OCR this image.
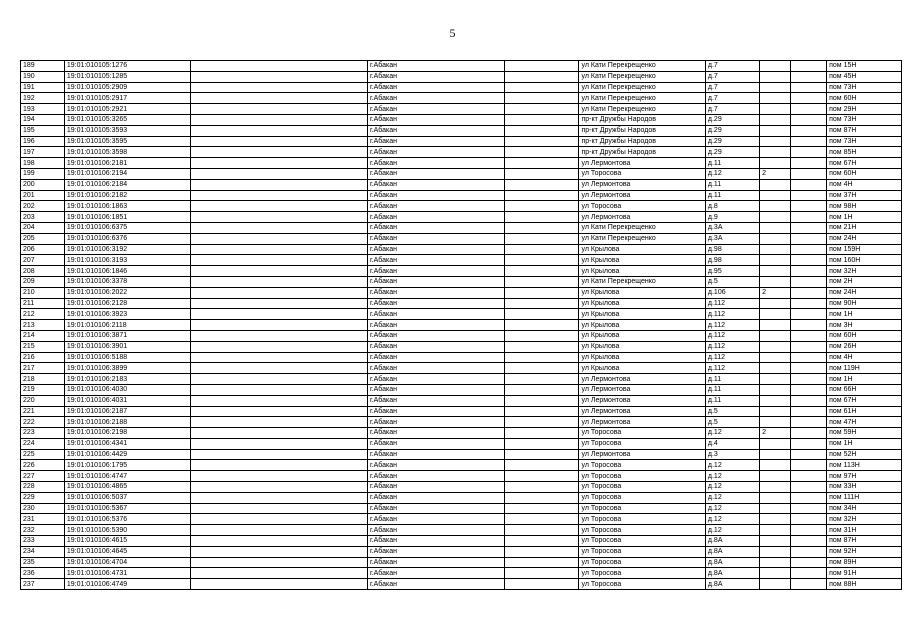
5
189	19:01:010105:1276		г.Абакан		ул Кати Перекрещенко	д.7			пом 15Н
190	19:01:010105:1285		г.Абакан		ул Кати Перекрещенко	д.7			пом 45Н
191	19:01:010105:2909		г.Абакан		ул Кати Перекрещенко	д.7			пом 73Н
192	19:01:010105:2917		г.Абакан		ул Кати Перекрещенко	д.7			пом 60Н
193	19:01:010105:2921		г.Абакан		ул Кати Перекрещенко	д.7			пом 29Н
194	19:01:010105:3265		г.Абакан		пр-кт Дружбы Народов	д.29			пом 73Н
195	19:01:010105:3593		г.Абакан		пр-кт Дружбы Народов	д.29			пом 87Н
196	19:01:010105:3595		г.Абакан		пр-кт Дружбы Народов	д.29			пом 73Н
197	19:01:010105:3598		г.Абакан		пр-кт Дружбы Народов	д.29			пом 85Н
198	19:01:010106:2181		г.Абакан		ул Лермонтова	д.11			пом 67Н
199	19:01:010106:2194		г.Абакан		ул Торосова	д.12	2		пом 60Н
200	19:01:010106:2184		г.Абакан		ул Лермонтова	д.11			пом 4Н
201	19:01:010106:2182		г.Абакан		ул Лермонтова	д.11			пом 37Н
202	19:01:010106:1863		г.Абакан		ул Торосова	д.8			пом 98Н
203	19:01:010106:1851		г.Абакан		ул Лермонтова	д.9			пом 1Н
204	19:01:010106:6375		г.Абакан		ул Кати Перекрещенко	д.3А			пом 21Н
205	19:01:010106:6376		г.Абакан		ул Кати Перекрещенко	д.3А			пом 24Н
206	19:01:010106:3192		г.Абакан		ул Крылова	д.98			пом 159Н
207	19:01:010106:3193		г.Абакан		ул Крылова	д.98			пом 160Н
208	19:01:010106:1846		г.Абакан		ул Крылова	д.95			пом 32Н
209	19:01:010106:3378		г.Абакан		ул Кати Перекрещенко	д.5			пом 2Н
210	19:01:010106:2022		г.Абакан		ул Крылова	д.106	2		пом 24Н
211	19:01:010106:2128		г.Абакан		ул Крылова	д.112			пом 90Н
212	19:01:010106:3923		г.Абакан		ул Крылова	д.112			пом 1Н
213	19:01:010106:2118		г.Абакан		ул Крылова	д.112			пом 3Н
214	19:01:010106:3871		г.Абакан		ул Крылова	д.112			пом 60Н
215	19:01:010106:3901		г.Абакан		ул Крылова	д.112			пом 26Н
216	19:01:010106:5188		г.Абакан		ул Крылова	д.112			пом 4Н
217	19:01:010106:3899		г.Абакан		ул Крылова	д.112			пом 119Н
218	19:01:010106:2183		г.Абакан		ул Лермонтова	д.11			пом 1Н
219	19:01:010106:4030		г.Абакан		ул Лермонтова	д.11			пом 66Н
220	19:01:010106:4031		г.Абакан		ул Лермонтова	д.11			пом 67Н
221	19:01:010106:2187		г.Абакан		ул Лермонтова	д.5			пом 61Н
222	19:01:010106:2188		г.Абакан		ул Лермонтова	д.5			пом 47Н
223	19:01:010106:2198		г.Абакан		ул Торосова	д.12	2		пом 59Н
224	19:01:010106:4341		г.Абакан		ул Торосова	д.4			пом 1Н
225	19:01:010106:4429		г.Абакан		ул Лермонтова	д.3			пом 52Н
226	19:01:010106:1795		г.Абакан		ул Торосова	д.12			пом 113Н
227	19:01:010106:4747		г.Абакан		ул Торосова	д.12			пом 97Н
228	19:01:010106:4865		г.Абакан		ул Торосова	д.12			пом 33Н
229	19:01:010106:5037		г.Абакан		ул Торосова	д.12			пом 111Н
230	19:01:010106:5367		г.Абакан		ул Торосова	д.12			пом 34Н
231	19:01:010106:5376		г.Абакан		ул Торосова	д.12			пом 32Н
232	19:01:010106:5390		г.Абакан		ул Торосова	д.12			пом 31Н
233	19:01:010106:4615		г.Абакан		ул Торосова	д.8А			пом 87Н
234	19:01:010106:4645		г.Абакан		ул Торосова	д.8А			пом 92Н
235	19:01:010106:4704		г.Абакан		ул Торосова	д.8А			пом 89Н
236	19:01:010106:4731		г.Абакан		ул Торосова	д.8А			пом 91Н
237	19:01:010106:4749		г.Абакан		ул Торосова	д.8А			пом 88Н
